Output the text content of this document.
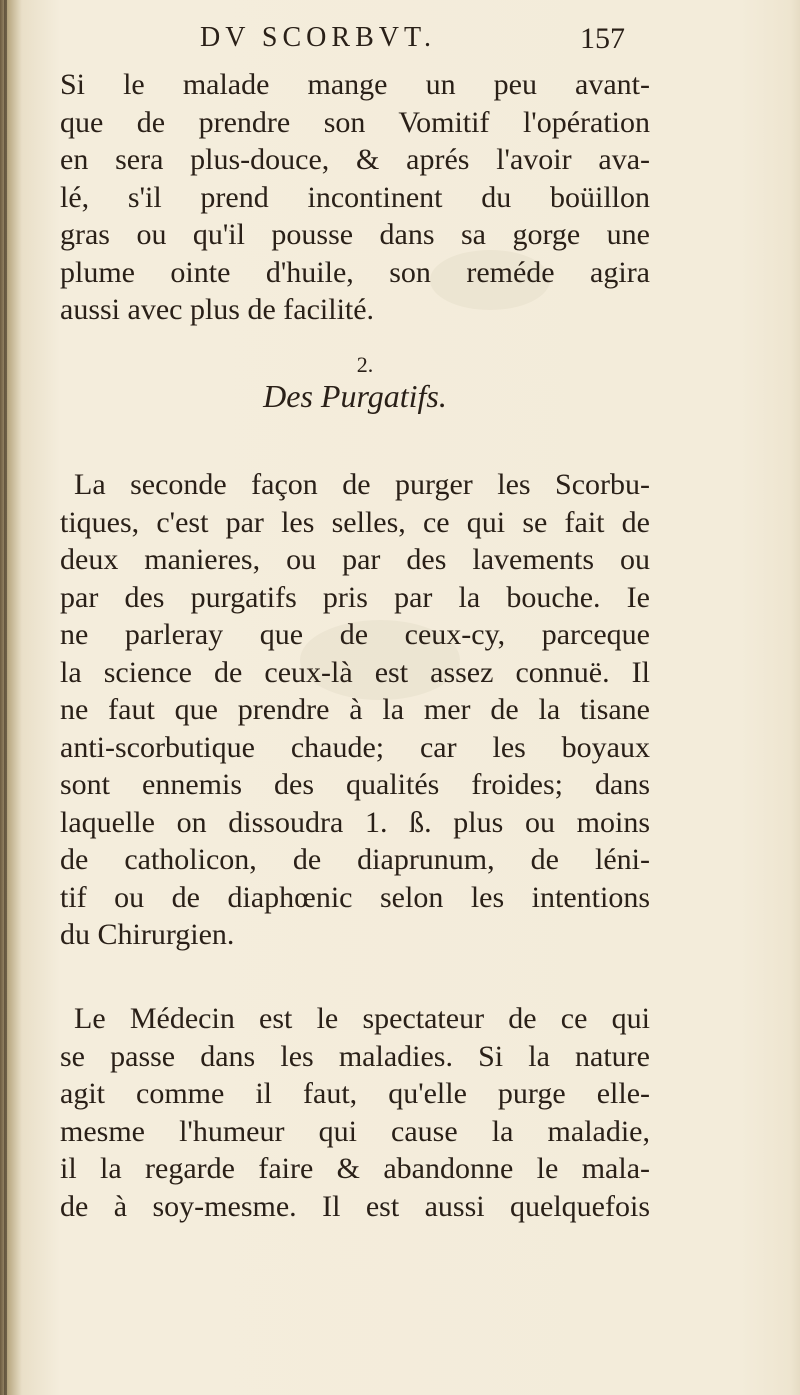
DV SCORBVT.	157
Si le malade mange un peu avant-
que de prendre son Vomitif l'opération
en sera plus-douce, & aprés l'avoir ava-
lé, s'il prend incontinent du boüillon
gras ou qu'il pousse dans sa gorge une
plume ointe d'huile, son reméde agira
aussi avec plus de facilité.
2.
Des Purgatifs.
La seconde façon de purger les Scorbu-
tiques, c'est par les selles, ce qui se fait de
deux manieres, ou par des lavements ou
par des purgatifs pris par la bouche. Ie
ne parleray que de ceux-cy, parceque
la science de ceux-là est assez connuë. Il
ne faut que prendre à la mer de la tisane
anti-scorbutique chaude; car les boyaux
sont ennemis des qualités froides; dans
laquelle on dissoudra 1. ß. plus ou moins
de catholicon, de diaprunum, de léni-
tif ou de diaphœnic selon les intentions
du Chirurgien.
Le Médecin est le spectateur de ce qui
se passe dans les maladies. Si la nature
agit comme il faut, qu'elle purge elle-
mesme l'humeur qui cause la maladie,
il la regarde faire & abandonne le mala-
de à soy-mesme. Il est aussi quelquefois
